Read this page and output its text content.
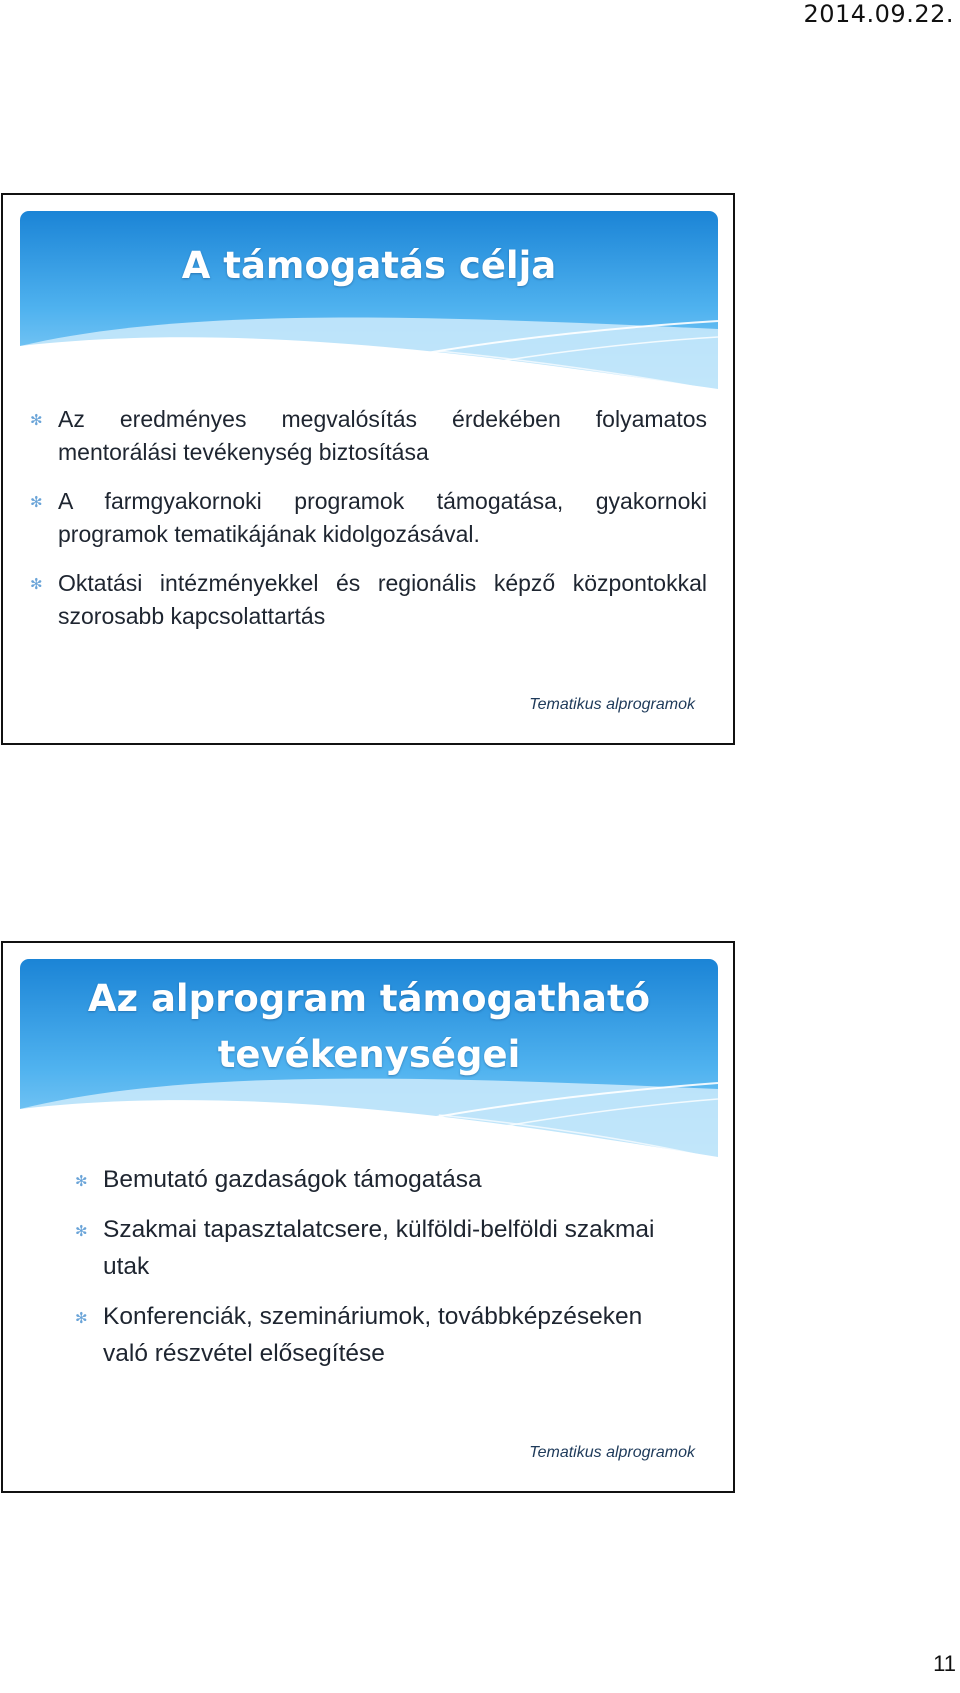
2014.09.22.
A támogatás célja
✻ Az eredményes megvalósítás érdekében folyamatos mentorálási tevékenység biztosítása
✻ A farmgyakornoki programok támogatása, gyakornoki programok tematikájának kidolgozásával.
✻ Oktatási intézményekkel és regionális képző központokkal szorosabb kapcsolattartás
Tematikus alprogramok
Az alprogram támogatható
tevékenységei
✻ Bemutató gazdaságok támogatása
✻ Szakmai tapasztalatcsere, külföldi-belföldi szakmai utak
✻ Konferenciák, szemináriumok, továbbképzéseken való részvétel elősegítése
Tematikus alprogramok
11
